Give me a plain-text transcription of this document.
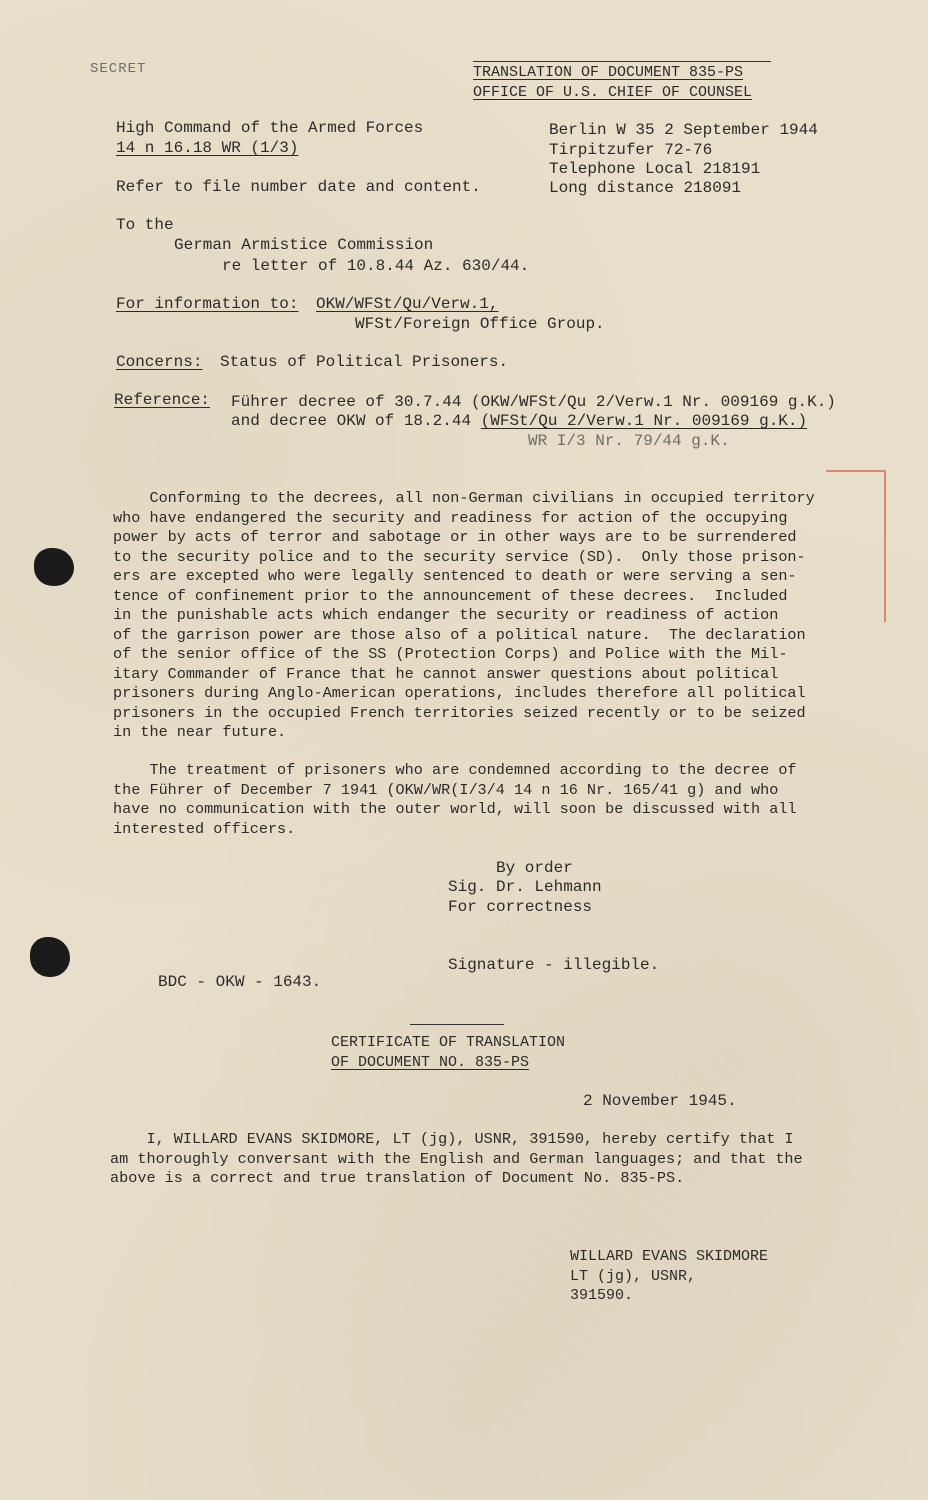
SECRET	TRANSLATION OF DOCUMENT 835-PS
OFFICE OF U.S. CHIEF OF COUNSEL
High Command of the Armed Forces
14 n 16.18 WR (1/3)
Refer to file number date and content.
Berlin W 35 2 September 1944
Tirpitzufer 72-76
Telephone Local 218191
Long distance 218091
To the
German Armistice Commission
re letter of 10.8.44 Az. 630/44.
For information to: OKW/WFSt/Qu/Verw.1,
WFSt/Foreign Office Group.
Concerns: Status of Political Prisoners.
Reference: Führer decree of 30.7.44 (OKW/WFSt/Qu 2/Verw.1 Nr. 009169 g.K.)
and decree OKW of 18.2.44 (WFSt/Qu 2/Verw.1 Nr. 009169 g.K.)
WR I/3 Nr. 79/44 g.K.
Conforming to the decrees, all non-German civilians in occupied territory
who have endangered the security and readiness for action of the occupying
power by acts of terror and sabotage or in other ways are to be surrendered
to the security police and to the security service (SD).  Only those prison-
ers are excepted who were legally sentenced to death or were serving a sen-
tence of confinement prior to the announcement of these decrees.  Included
in the punishable acts which endanger the security or readiness of action
of the garrison power are those also of a political nature.  The declaration
of the senior office of the SS (Protection Corps) and Police with the Mil-
itary Commander of France that he cannot answer questions about political
prisoners during Anglo-American operations, includes therefore all political
prisoners in the occupied French territories seized recently or to be seized
in the near future.
The treatment of prisoners who are condemned according to the decree of
the Führer of December 7 1941 (OKW/WR(I/3/4 14 n 16 Nr. 165/41 g) and who
have no communication with the outer world, will soon be discussed with all
interested officers.
By order
Sig. Dr. Lehmann
For correctness
Signature - illegible.
BDC - OKW - 1643.
CERTIFICATE OF TRANSLATION
OF DOCUMENT NO. 835-PS
2 November 1945.
I, WILLARD EVANS SKIDMORE, LT (jg), USNR, 391590, hereby certify that I
am thoroughly conversant with the English and German languages; and that the
above is a correct and true translation of Document No. 835-PS.
WILLARD EVANS SKIDMORE
LT (jg), USNR,
391590.
